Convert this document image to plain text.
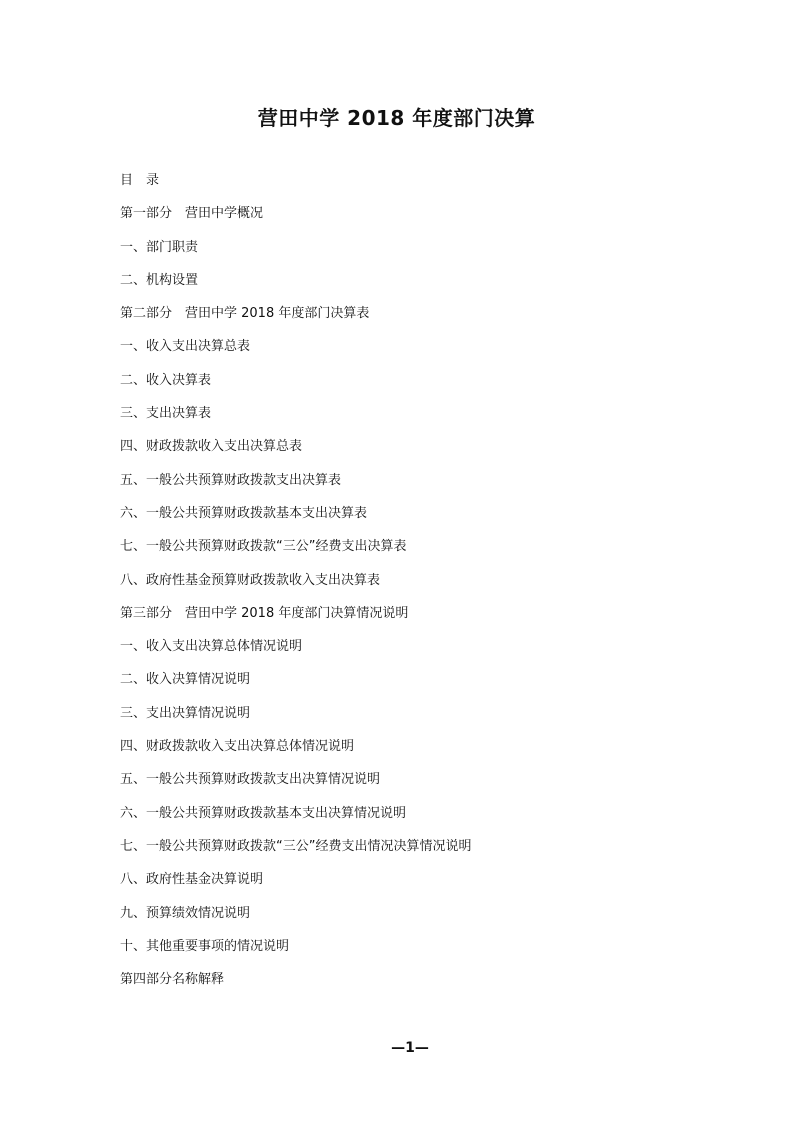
营田中学 2018 年度部门决算
目　录
第一部分　营田中学概况
一、部门职责
二、机构设置
第二部分　营田中学 2018 年度部门决算表
一、收入支出决算总表
二、收入决算表
三、支出决算表
四、财政拨款收入支出决算总表
五、一般公共预算财政拨款支出决算表
六、一般公共预算财政拨款基本支出决算表
七、一般公共预算财政拨款“三公”经费支出决算表
八、政府性基金预算财政拨款收入支出决算表
第三部分　营田中学 2018 年度部门决算情况说明
一、收入支出决算总体情况说明
二、收入决算情况说明
三、支出决算情况说明
四、财政拨款收入支出决算总体情况说明
五、一般公共预算财政拨款支出决算情况说明
六、一般公共预算财政拨款基本支出决算情况说明
七、一般公共预算财政拨款“三公”经费支出情况决算情况说明
八、政府性基金决算说明
九、预算绩效情况说明
十、其他重要事项的情况说明
第四部分名称解释
—1—
